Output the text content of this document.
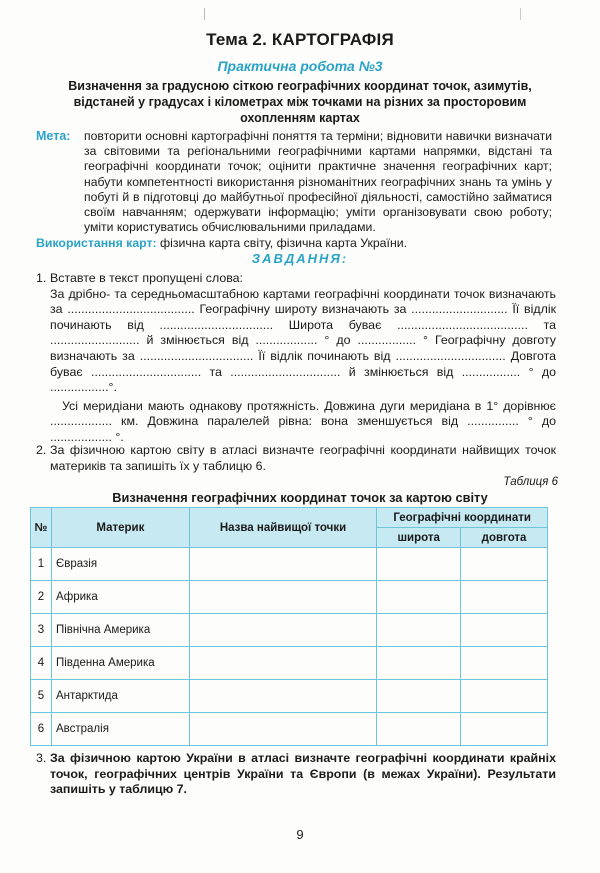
Тема 2. КАРТОГРАФІЯ
Практична робота №3
Визначення за градусною сіткою географічних координат точок, азимутів, відстаней у градусах і кілометрах між точками на різних за просторовим охопленням картах
Мета: повторити основні картографічні поняття та терміни; відновити навички визначати за світовими та регіональними географічними картами напрямки, відстані та географічні координати точок; оцінити практичне значення географічних карт; набути компетентності використання різноманітних географічних знань та умінь у побуті й в підготовці до майбутньої професійної діяльності, самостійно займатися своїм навчанням; одержувати інформацію; уміти організовувати свою роботу; уміти користуватись обчислювальними приладами.
Використання карт: фізична карта світу, фізична карта України.
ЗАВДАННЯ:
1. Вставте в текст пропущені слова:

За дрібно- та середньомасштабною картами географічні координати точок визначають за ..................................... Географічну широту визначають за ............................ Її відлік починають від ................................. Широта буває ...................................... та .......................... й змінюється від .................. ° до ................. ° Географічну довготу визначають за ................................. Її відлік починають від ................................ Довгота буває ................................ та ................................ й змінюється від ................. ° до .................°.

Усі меридіани мають однакову протяжність. Довжина дуги меридіана в 1° дорівнює .................. км. Довжина паралелей рівна: вона зменшується від ............... ° до .................. °.

2. За фізичною картою світу в атласі визначте географічні координати найвищих точок материків та запишіть їх у таблицю 6.

Таблиця 6
Визначення географічних координат точок за картою світу
№	Материк	Назва найвищої точки	Географічні координати	
			широта	довгота
1	Євразія			
2	Африка			
3	Північна Америка			
4	Південна Америка			
5	Антарктида			
6	Австралія			
3. За фізичною картою України в атласі визначте географічні координати крайніх точок, географічних центрів України та Європи (в межах України). Результати запишіть у таблицю 7.

9
